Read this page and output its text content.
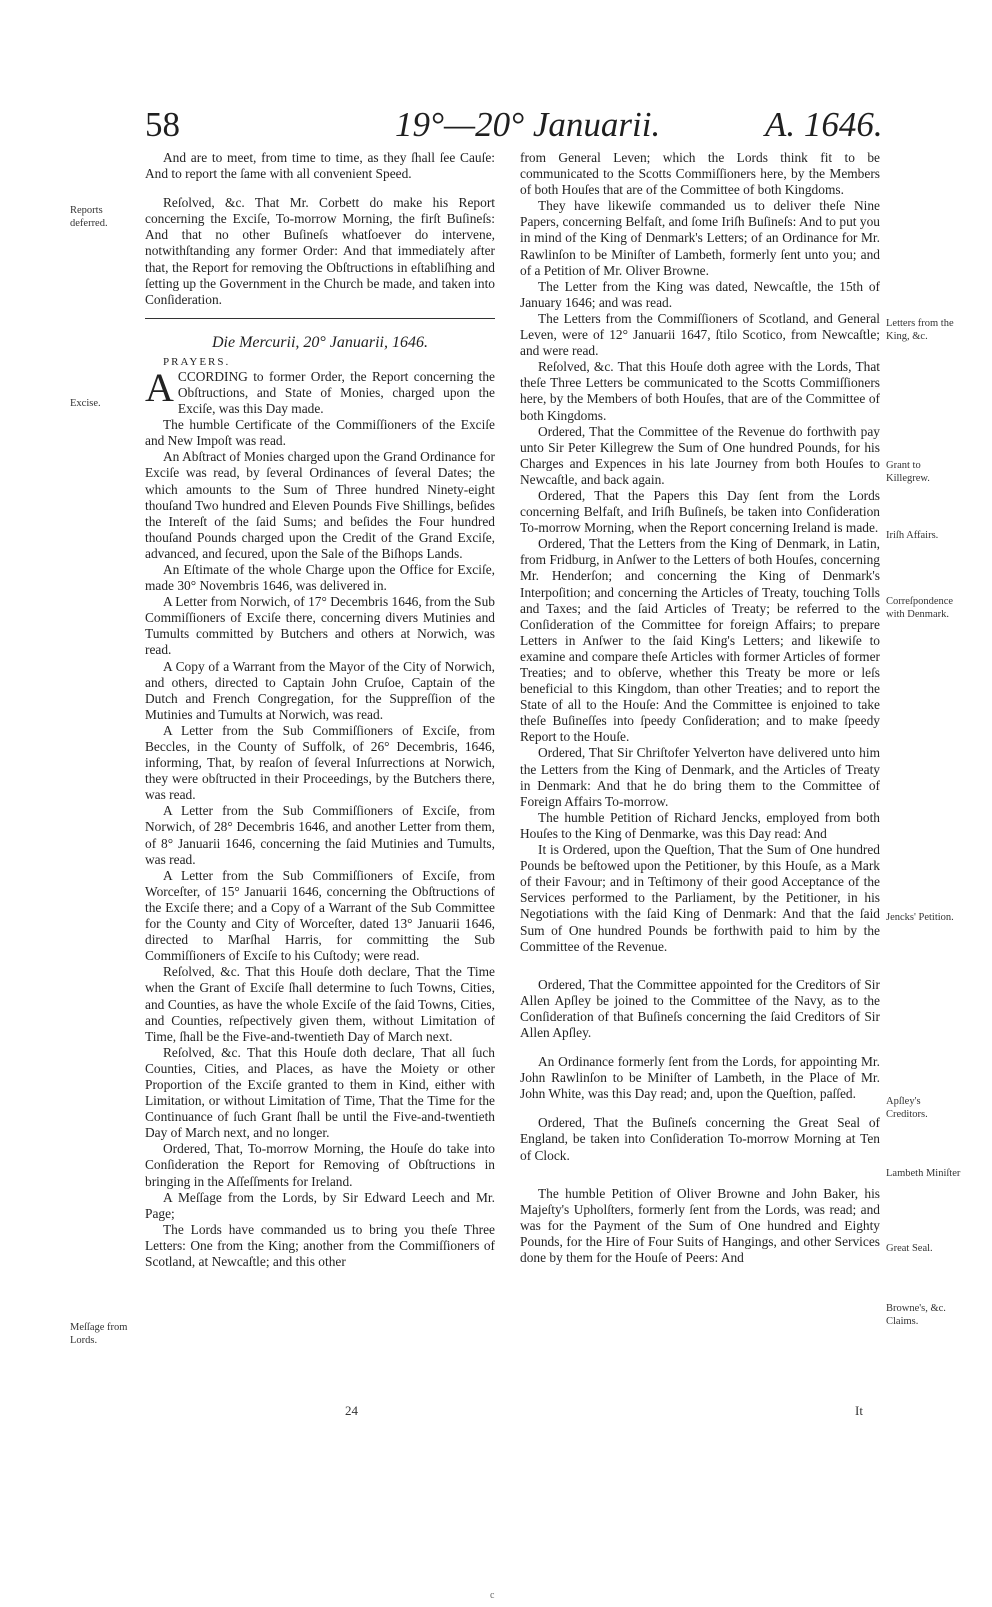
58	19°—20° Januarii.	A. 1646.
Reports deferred.
Excise.
Meſſage from Lords.
Letters from the King, &c.
Grant to Killegrew.
Iriſh Affairs.
Correſpondence with Denmark.
Jencks' Petition.
Apſley's Creditors.
Lambeth Miniſter
Great Seal.
Browne's, &c. Claims.

And are to meet, from time to time, as they ſhall ſee Cauſe: And to report the ſame with all convenient Speed.

Reſolved, &c. That Mr. Corbett do make his Report concerning the Exciſe, To-morrow Morning, the firſt Buſineſs: And that no other Buſineſs whatſoever do intervene, notwithſtanding any former Order: And that immediately after that, the Report for removing the Obſtructions in eſtabliſhing and ſetting up the Government in the Church be made, and taken into Conſideration.

Die Mercurii, 20° Januarii, 1646.
PRAYERS.

ACCORDING to former Order, the Report concerning the Obſtructions, and State of Monies, charged upon the Exciſe, was this Day made.

The humble Certificate of the Commiſſioners of the Exciſe and New Impoſt was read.

An Abſtract of Monies charged upon the Grand Ordinance for Exciſe was read, by ſeveral Ordinances of ſeveral Dates; the which amounts to the Sum of Three hundred Ninety-eight thouſand Two hundred and Eleven Pounds Five Shillings, beſides the Intereſt of the ſaid Sums; and beſides the Four hundred thouſand Pounds charged upon the Credit of the Grand Exciſe, advanced, and ſecured, upon the Sale of the Biſhops Lands.

An Eſtimate of the whole Charge upon the Office for Exciſe, made 30° Novembris 1646, was delivered in.

A Letter from Norwich, of 17° Decembris 1646, from the Sub Commiſſioners of Exciſe there, concerning divers Mutinies and Tumults committed by Butchers and others at Norwich, was read.

A Copy of a Warrant from the Mayor of the City of Norwich, and others, directed to Captain John Cruſoe, Captain of the Dutch and French Congregation, for the Suppreſſion of the Mutinies and Tumults at Norwich, was read.

A Letter from the Sub Commiſſioners of Exciſe, from Beccles, in the County of Suffolk, of 26° Decembris, 1646, informing, That, by reaſon of ſeveral Inſurrections at Norwich, they were obſtructed in their Proceedings, by the Butchers there, was read.

A Letter from the Sub Commiſſioners of Exciſe, from Norwich, of 28° Decembris 1646, and another Letter from them, of 8° Januarii 1646, concerning the ſaid Mutinies and Tumults, was read.

A Letter from the Sub Commiſſioners of Exciſe, from Worceſter, of 15° Januarii 1646, concerning the Obſtructions of the Exciſe there; and a Copy of a Warrant of the Sub Committee for the County and City of Worceſter, dated 13° Januarii 1646, directed to Marſhal Harris, for committing the Sub Commiſſioners of Exciſe to his Cuſtody; were read.

Reſolved, &c. That this Houſe doth declare, That the Time when the Grant of Exciſe ſhall determine to ſuch Towns, Cities, and Counties, as have the whole Exciſe of the ſaid Towns, Cities, and Counties, reſpectively given them, without Limitation of Time, ſhall be the Five-and-twentieth Day of March next.

Reſolved, &c. That this Houſe doth declare, That all ſuch Counties, Cities, and Places, as have the Moiety or other Proportion of the Exciſe granted to them in Kind, either with Limitation, or without Limitation of Time, That the Time for the Continuance of ſuch Grant ſhall be until the Five-and-twentieth Day of March next, and no longer.

Ordered, That, To-morrow Morning, the Houſe do take into Conſideration the Report for Removing of Obſtructions in bringing in the Aſſeſſments for Ireland.

A Meſſage from the Lords, by Sir Edward Leech and Mr. Page;

The Lords have commanded us to bring you theſe Three Letters: One from the King; another from the Commiſſioners of Scotland, at Newcaſtle; and this other

from General Leven; which the Lords think fit to be communicated to the Scotts Commiſſioners here, by the Members of both Houſes that are of the Committee of both Kingdoms.

They have likewiſe commanded us to deliver theſe Nine Papers, concerning Belfaſt, and ſome Iriſh Buſineſs: And to put you in mind of the King of Denmark's Letters; of an Ordinance for Mr. Rawlinſon to be Miniſter of Lambeth, formerly ſent unto you; and of a Petition of Mr. Oliver Browne.

The Letter from the King was dated, Newcaſtle, the 15th of January 1646; and was read.

The Letters from the Commiſſioners of Scotland, and General Leven, were of 12° Januarii 1647, ſtilo Scotico, from Newcaſtle; and were read.

Reſolved, &c. That this Houſe doth agree with the Lords, That theſe Three Letters be communicated to the Scotts Commiſſioners here, by the Members of both Houſes, that are of the Committee of both Kingdoms.

Ordered, That the Committee of the Revenue do forthwith pay unto Sir Peter Killegrew the Sum of One hundred Pounds, for his Charges and Expences in his late Journey from both Houſes to Newcaſtle, and back again.

Ordered, That the Papers this Day ſent from the Lords concerning Belfaſt, and Iriſh Buſineſs, be taken into Conſideration To-morrow Morning, when the Report concerning Ireland is made.

Ordered, That the Letters from the King of Denmark, in Latin, from Fridburg, in Anſwer to the Letters of both Houſes, concerning Mr. Henderſon; and concerning the King of Denmark's Interpoſition; and concerning the Articles of Treaty, touching Tolls and Taxes; and the ſaid Articles of Treaty; be referred to the Conſideration of the Committee for foreign Affairs; to prepare Letters in Anſwer to the ſaid King's Letters; and likewiſe to examine and compare theſe Articles with former Articles of former Treaties; and to obſerve, whether this Treaty be more or leſs beneficial to this Kingdom, than other Treaties; and to report the State of all to the Houſe: And the Committee is enjoined to take theſe Buſineſſes into ſpeedy Conſideration; and to make ſpeedy Report to the Houſe.

Ordered, That Sir Chriſtofer Yelverton have delivered unto him the Letters from the King of Denmark, and the Articles of Treaty in Denmark: And that he do bring them to the Committee of Foreign Affairs To-morrow.

The humble Petition of Richard Jencks, employed from both Houſes to the King of Denmarke, was this Day read: And

It is Ordered, upon the Queſtion, That the Sum of One hundred Pounds be beſtowed upon the Petitioner, by this Houſe, as a Mark of their Favour; and in Teſtimony of their good Acceptance of the Services performed to the Parliament, by the Petitioner, in his Negotiations with the ſaid King of Denmark: And that the ſaid Sum of One hundred Pounds be forthwith paid to him by the Committee of the Revenue.

Ordered, That the Committee appointed for the Creditors of Sir Allen Apſley be joined to the Committee of the Navy, as to the Conſideration of that Buſineſs concerning the ſaid Creditors of Sir Allen Apſley.

An Ordinance formerly ſent from the Lords, for appointing Mr. John Rawlinſon to be Miniſter of Lambeth, in the Place of Mr. John White, was this Day read; and, upon the Queſtion, paſſed.

Ordered, That the Buſineſs concerning the Great Seal of England, be taken into Conſideration To-morrow Morning at Ten of Clock.

The humble Petition of Oliver Browne and John Baker, his Majeſty's Upholſters, formerly ſent from the Lords, was read; and was for the Payment of the Sum of One hundred and Eighty Pounds, for the Hire of Four Suits of Hangings, and other Services done by them for the Houſe of Peers: And

24	It
c
